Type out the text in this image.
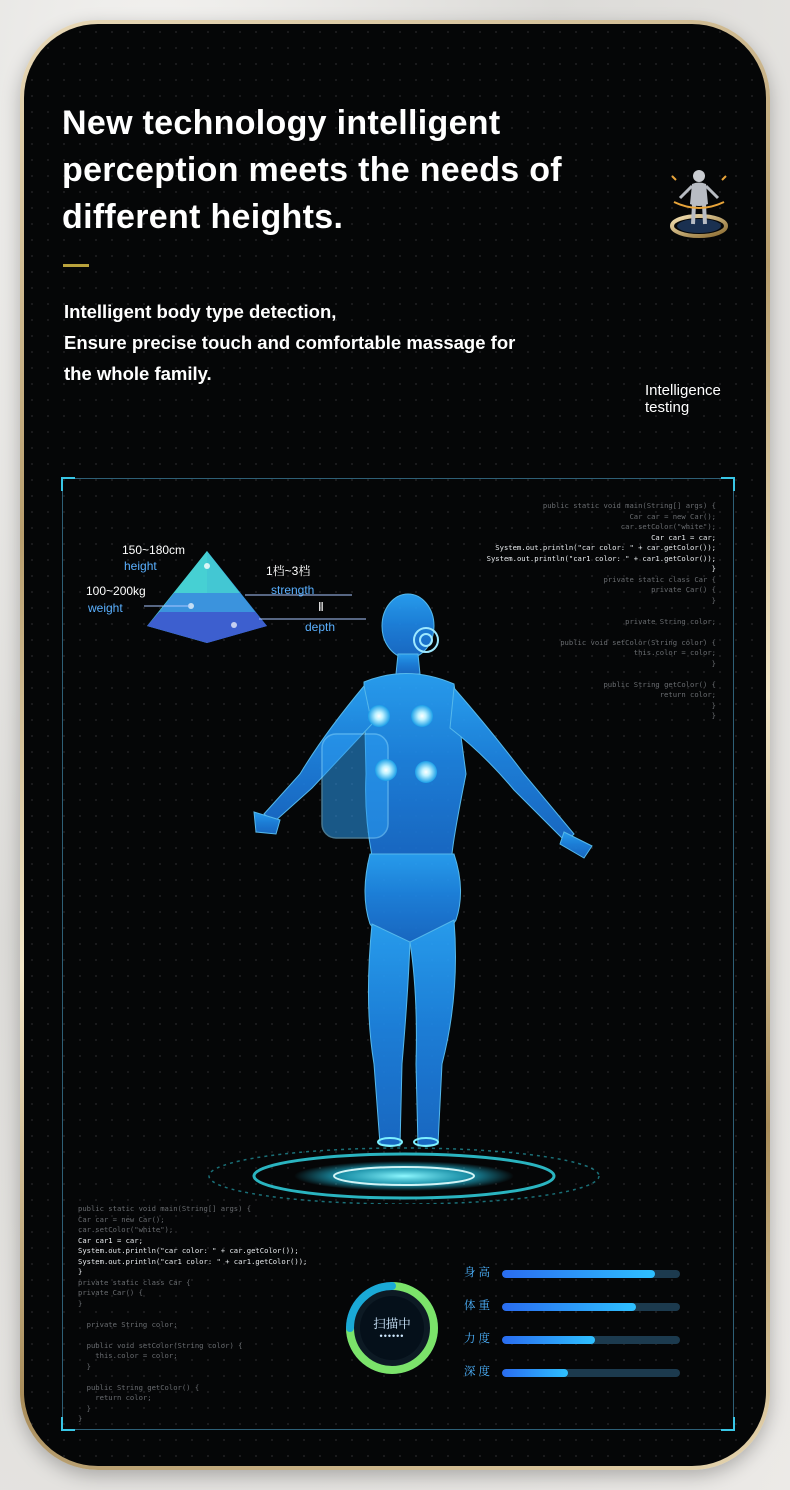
New technology intelligent
perception meets the needs of
different heights.
Intelligent body type detection,
Ensure precise touch and comfortable massage for
the whole family.
Intelligence
testing
public static void main(String[] args) {
Car car = new Car();
car.setColor("white");
Car car1 = car;
System.out.println("car color: " + car.getColor());
System.out.println("car1 color: " + car1.getColor());
}
private static class Car {
private Car() {
}
private String color;
public void setColor(String color) {
this.color = color;
}
public String getColor() {
return color;
}
}
public static void main(String[] args) {
Car car = new Car();
car.setColor("white");
Car car1 = car;
System.out.println("car color: " + car.getColor());
System.out.println("car1 color: " + car1.getColor());
}
private static class Car {
private Car() {
}
private String color;
public void setColor(String color) {
this.color = color;
}
public String getColor() {
return color;
}
}
150~180cm
height
100~200kg
weight
1档~3档
strength
Ⅱ
depth
扫描中
••••••
身高
体重
力度
深度
